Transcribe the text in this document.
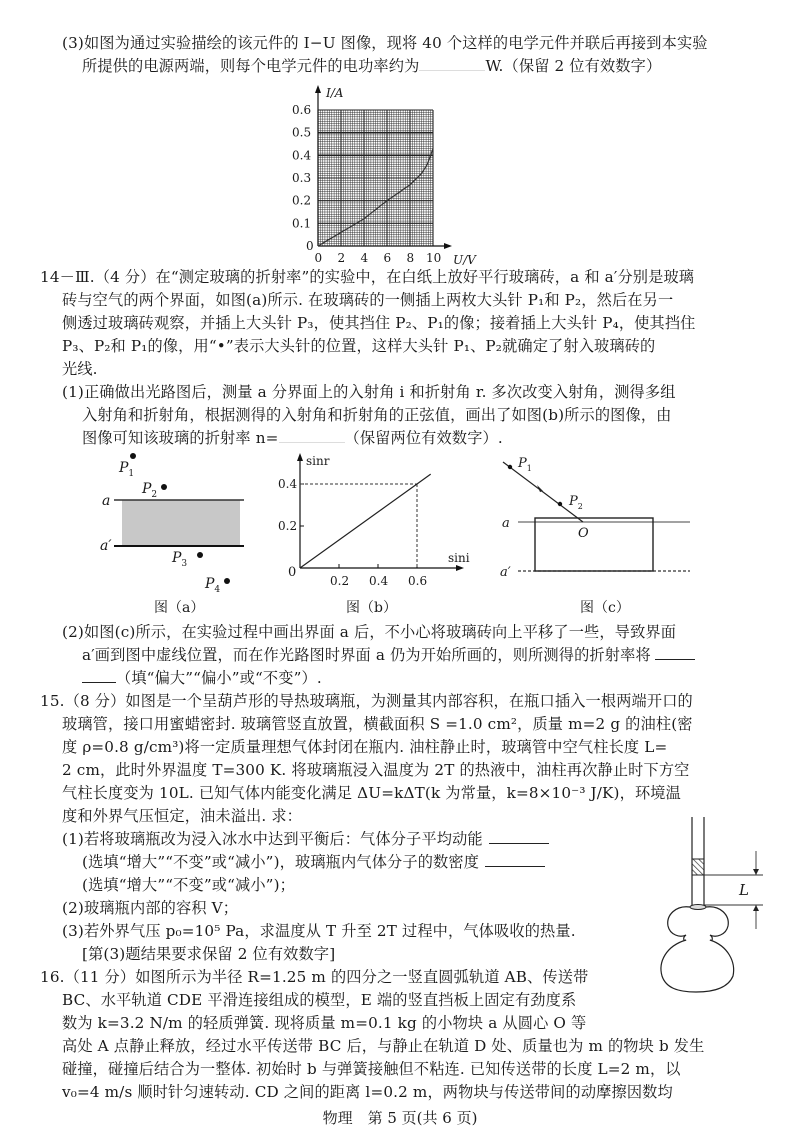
(3)如图为通过实验描绘的该元件的 I−U 图像，现将 40 个这样的电学元件并联后再接到本实验
所提供的电源两端，则每个电学元件的电功率约为	W.（保留 2 位有效数字）
0 2 4 6 8 10
0
0.1
0.2
0.3
0.4
0.5
0.6
I/A
U/V
14－Ⅲ.（4 分）在“测定玻璃的折射率”的实验中，在白纸上放好平行玻璃砖，a 和 a′分别是玻璃
砖与空气的两个界面，如图(a)所示. 在玻璃砖的一侧插上两枚大头针 P₁和 P₂，然后在另一
侧透过玻璃砖观察，并插上大头针 P₃，使其挡住 P₂、P₁的像；接着插上大头针 P₄，使其挡住
P₃、P₂和 P₁的像，用“•”表示大头针的位置，这样大头针 P₁、P₂就确定了射入玻璃砖的
光线.
(1)正确做出光路图后，测量 a 分界面上的入射角 i 和折射角 r. 多次改变入射角，测得多组
入射角和折射角，根据测得的入射角和折射角的正弦值，画出了如图(b)所示的图像，由
图像可知该玻璃的折射率 n=	（保留两位有效数字）.
a
a′
$P_1$
$P_2$
$P_3$
$P_4$
图（a）
0.2 0.4 0.6
0.2
0.4
sinr
sini
0
图（b）
$P_1$
$P_2$
O
a
a′
图（c）
(2)如图(c)所示，在实验过程中画出界面 a 后，不小心将玻璃砖向上平移了一些，导致界面
a′画到图中虚线位置，而在作光路图时界面 a 仍为开始所画的，则所测得的折射率将
（填“偏大”“偏小”或“不变”）.
15.（8 分）如图是一个呈葫芦形的导热玻璃瓶，为测量其内部容积，在瓶口插入一根两端开口的
玻璃管，接口用蜜蜡密封. 玻璃管竖直放置，横截面积 S =1.0 cm²，质量 m=2 g 的油柱(密
度 ρ=0.8 g/cm³)将一定质量理想气体封闭在瓶内. 油柱静止时，玻璃管中空气柱长度 L=
2 cm，此时外界温度 T=300 K. 将玻璃瓶浸入温度为 2T 的热液中，油柱再次静止时下方空
气柱长度变为 10L. 已知气体内能变化满足 ΔU=kΔT(k 为常量，k=8×10⁻³ J/K)，环境温
度和外界气压恒定，油未溢出. 求：
(1)若将玻璃瓶改为浸入冰水中达到平衡后：气体分子平均动能
(选填“增大”“不变”或“减小”)，玻璃瓶内气体分子的数密度
(选填“增大”“不变”或“减小”)；
(2)玻璃瓶内部的容积 V；
(3)若外界气压 p₀=10⁵ Pa，求温度从 T 升至 2T 过程中，气体吸收的热量.
[第(3)题结果要求保留 2 位有效数字]
L
16.（11 分）如图所示为半径 R=1.25 m 的四分之一竖直圆弧轨道 AB、传送带
BC、水平轨道 CDE 平滑连接组成的模型，E 端的竖直挡板上固定有劲度系
数为 k=3.2 N/m 的轻质弹簧. 现将质量 m=0.1 kg 的小物块 a 从圆心 O 等
高处 A 点静止释放，经过水平传送带 BC 后，与静止在轨道 D 处、质量也为 m 的物块 b 发生
碰撞，碰撞后结合为一整体. 初始时 b 与弹簧接触但不粘连. 已知传送带的长度 L=2 m，以
v₀=4 m/s 顺时针匀速转动. CD 之间的距离 l=0.2 m，两物块与传送带间的动摩擦因数均
物理　第 5 页(共 6 页)
